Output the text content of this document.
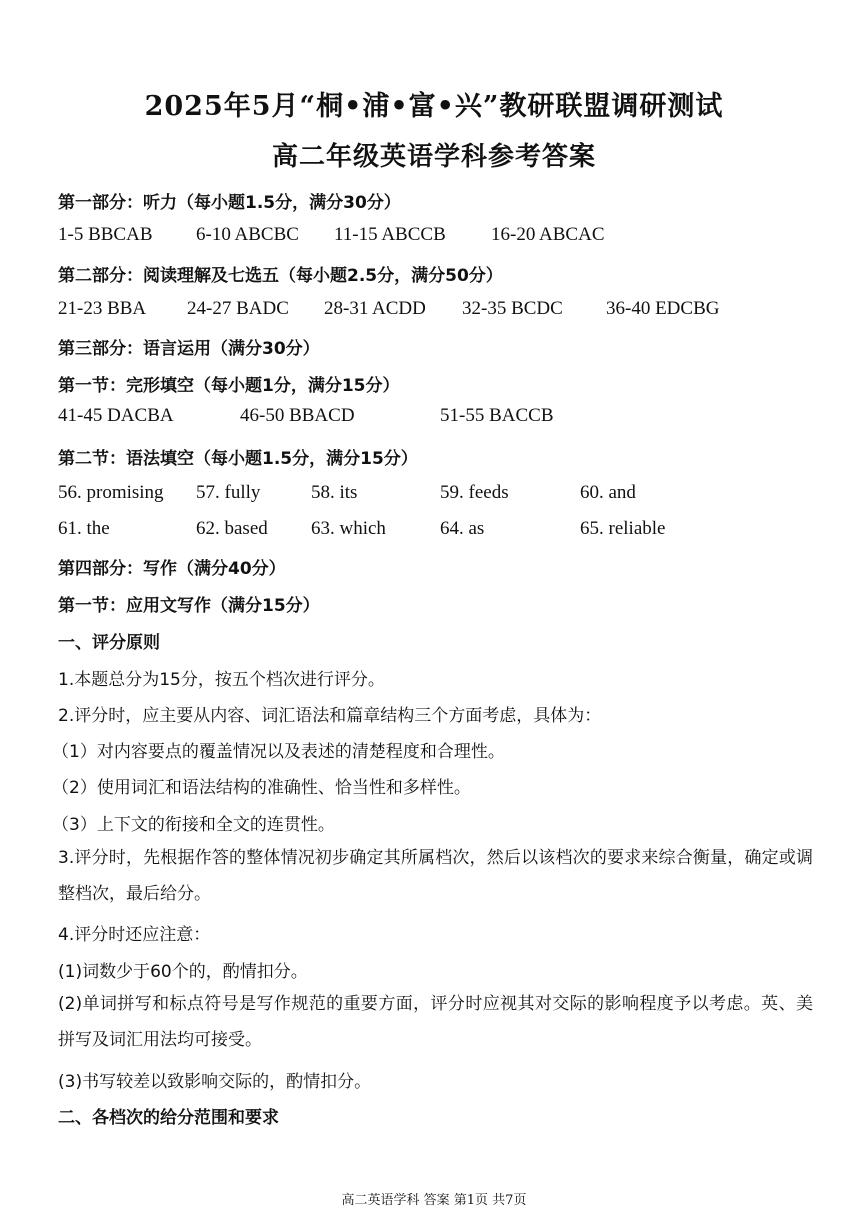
2025年5月“桐•浦•富•兴”教研联盟调研测试
高二年级英语学科参考答案
第一部分：听力（每小题1.5分，满分30分）
1-5 BBCAB 6-10 ABCBC 11-15 ABCCB 16-20 ABCAC
第二部分：阅读理解及七选五（每小题2.5分，满分50分）
21-23 BBA 24-27 BADC 28-31 ACDD 32-35 BCDC 36-40 EDCBG
第三部分：语言运用（满分30分）
第一节：完形填空（每小题1分，满分15分）
41-45 DACBA	46-50 BBACD	51-55 BACCB
第二节：语法填空（每小题1.5分，满分15分）
56. promising 57. fully	58. its	59. feeds	60. and
61. the	62. based 63. which	64. as	65. reliable
第四部分：写作（满分40分）
第一节：应用文写作（满分15分）
一、评分原则
1.本题总分为15分，按五个档次进行评分。
2.评分时，应主要从内容、词汇语法和篇章结构三个方面考虑，具体为：
（1）对内容要点的覆盖情况以及表述的清楚程度和合理性。
（2）使用词汇和语法结构的准确性、恰当性和多样性。
（3）上下文的衔接和全文的连贯性。
3.评分时，先根据作答的整体情况初步确定其所属档次，然后以该档次的要求来综合衡量，确定或调整档次，最后给分。
4.评分时还应注意：
(1)词数少于60个的，酌情扣分。
(2)单词拼写和标点符号是写作规范的重要方面，评分时应视其对交际的影响程度予以考虑。英、美拼写及词汇用法均可接受。
(3)书写较差以致影响交际的，酌情扣分。
二、各档次的给分范围和要求
高二英语学科 答案 第1页 共7页
